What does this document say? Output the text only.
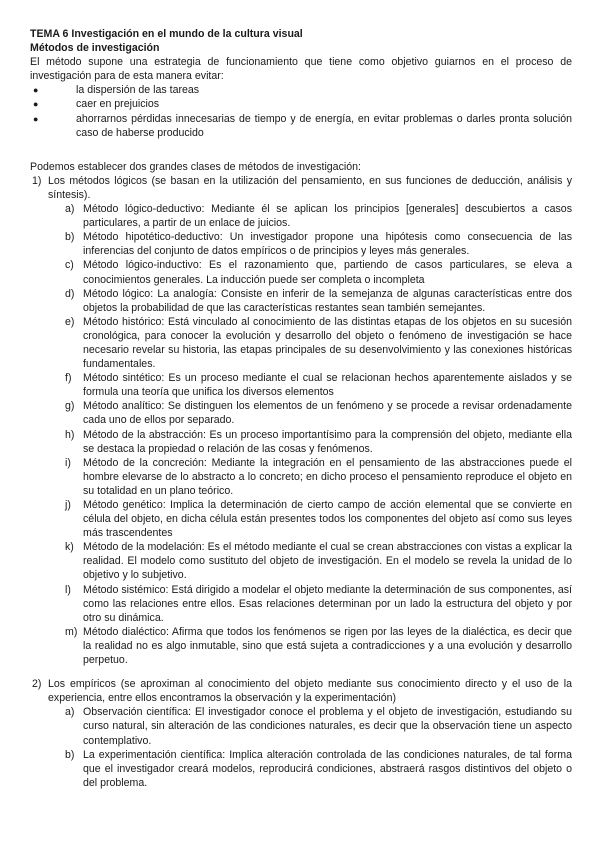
TEMA 6 Investigación en el mundo de la cultura visual

Métodos de investigación

El método supone una estrategia de funcionamiento que tiene como objetivo guiarnos en el proceso de investigación para de esta manera evitar:

●	la dispersión de las tareas
●	caer en prejuicios
●	ahorrarnos pérdidas innecesarias de tiempo y de energía, en evitar problemas o darles pronta solución caso de haberse producido

Podemos establecer dos grandes clases de métodos de investigación:

1) Los métodos lógicos (se basan en la utilización del pensamiento, en sus funciones de deducción, análisis y síntesis).
a) Método lógico-deductivo: Mediante él se aplican los principios [generales] descubiertos a casos particulares, a partir de un enlace de juicios.
b) Método hipotético-deductivo: Un investigador propone una hipótesis como consecuencia de las inferencias del conjunto de datos empíricos o de principios y leyes más generales.
c) Método lógico-inductivo: Es el razonamiento que, partiendo de casos particulares, se eleva a conocimientos generales. La inducción puede ser completa o incompleta
d) Método lógico: La analogía: Consiste en inferir de la semejanza de algunas características entre dos objetos la probabilidad de que las características restantes sean también semejantes.
e) Método histórico: Está vinculado al conocimiento de las distintas etapas de los objetos en su sucesión cronológica, para conocer la evolución y desarrollo del objeto o fenómeno de investigación se hace necesario revelar su historia, las etapas principales de su desenvolvimiento y las conexiones históricas fundamentales.
f) Método sintético: Es un proceso mediante el cual se relacionan hechos aparentemente aislados y se formula una teoría que unifica los diversos elementos
g) Método analítico: Se distinguen los elementos de un fenómeno y se procede a revisar ordenadamente cada uno de ellos por separado.
h) Método de la abstracción: Es un proceso importantísimo para la comprensión del objeto, mediante ella se destaca la propiedad o relación de las cosas y fenómenos.
i) Método de la concreción: Mediante la integración en el pensamiento de las abstracciones puede el hombre elevarse de lo abstracto a lo concreto; en dicho proceso el pensamiento reproduce el objeto en su totalidad en un plano teórico.
j) Método genético: Implica la determinación de cierto campo de acción elemental que se convierte en célula del objeto, en dicha célula están presentes todos los componentes del objeto así como sus leyes más trascendentes
k) Método de la modelación: Es el método mediante el cual se crean abstracciones con vistas a explicar la realidad. El modelo como sustituto del objeto de investigación. En el modelo se revela la unidad de lo objetivo y lo subjetivo.
l) Método sistémico: Está dirigido a modelar el objeto mediante la determinación de sus componentes, así como las relaciones entre ellos. Esas relaciones determinan por un lado la estructura del objeto y por otro su dinámica.
m) Método dialéctico: Afirma que todos los fenómenos se rigen por las leyes de la dialéctica, es decir que la realidad no es algo inmutable, sino que está sujeta a contradicciones y a una evolución y desarrollo perpetuo.
2) Los empíricos (se aproximan al conocimiento del objeto mediante sus conocimiento directo y el uso de la experiencia, entre ellos encontramos la observación y la experimentación)
a) Observación científica: El investigador conoce el problema y el objeto de investigación, estudiando su curso natural, sin alteración de las condiciones naturales, es decir que la observación tiene un aspecto contemplativo.
b) La experimentación científica: Implica alteración controlada de las condiciones naturales, de tal forma que el investigador creará modelos, reproducirá condiciones, abstraerá rasgos distintivos del objeto o del problema.
